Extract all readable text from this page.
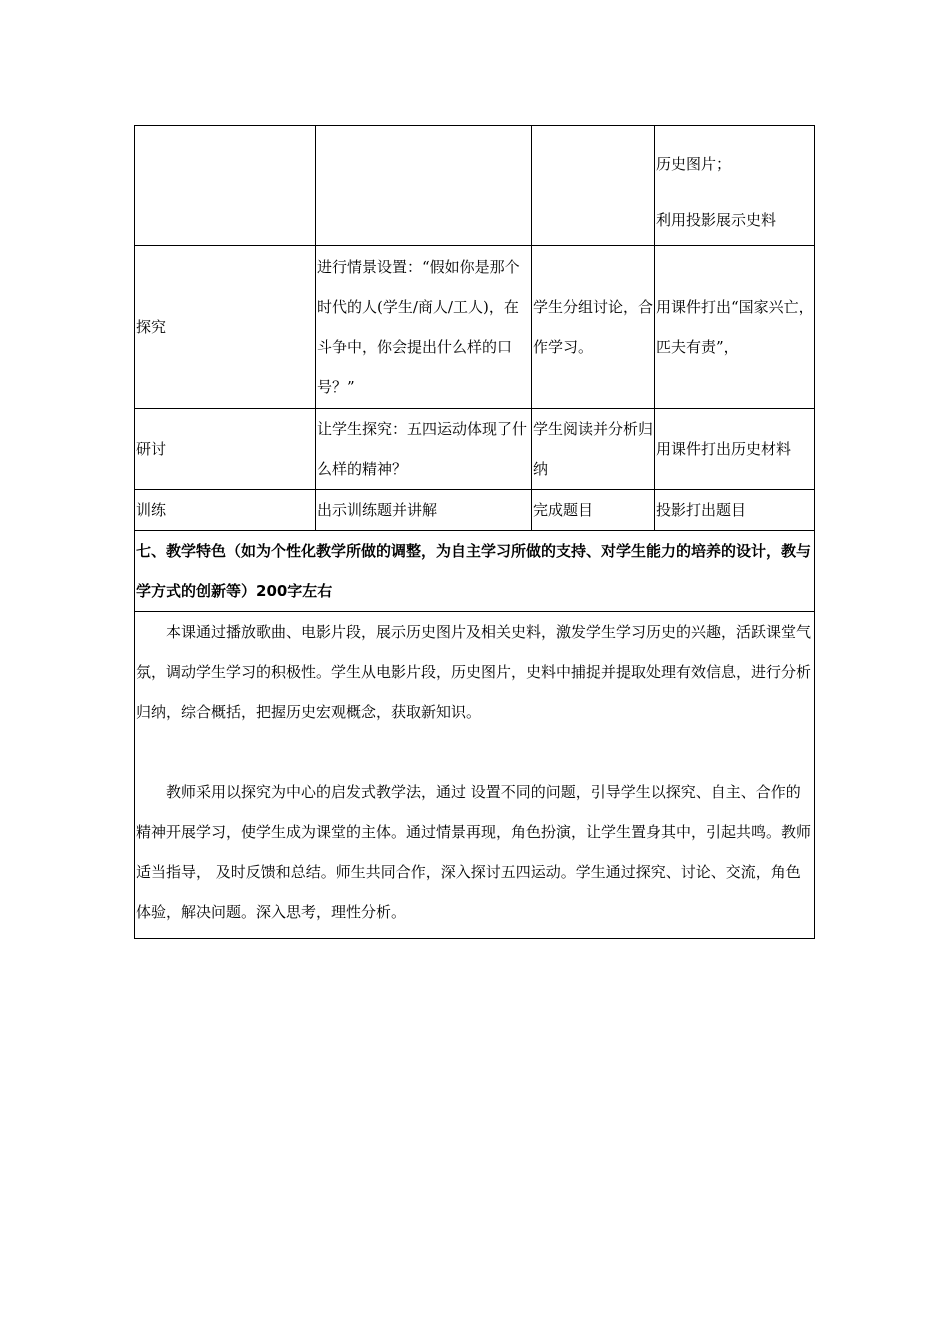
			历史图片；
利用投影展示史料

探究	进行情景设置：“假如你是那个时代的人(学生/商人/工人)，在斗争中，你会提出什么样的口号？”	学生分组讨论，合作学习。	用课件打出“国家兴亡，匹夫有责”，
研讨	让学生探究：五四运动体现了什么样的精神？	学生阅读并分析归纳	用课件打出历史材料
训练	出示训练题并讲解	完成题目	投影打出题目

七、教学特色（如为个性化教学所做的调整，为自主学习所做的支持、对学生能力的培养的设计，教与学方式的创新等）200字左右			

本课通过播放歌曲、电影片段，展示历史图片及相关史料，激发学生学习历史的兴趣，活跃课堂气氛，调动学生学习的积极性。学生从电影片段，历史图片，史料中捕捉并提取处理有效信息，进行分析归纳，综合概括，把握历史宏观概念，获取新知识。

教师采用以探究为中心的启发式教学法，通过 设置不同的问题，引导学生以探究、自主、合作的精神开展学习，使学生成为课堂的主体。通过情景再现，角色扮演，让学生置身其中，引起共鸣。教师适当指导， 及时反馈和总结。师生共同合作，深入探讨五四运动。学生通过探究、讨论、交流，角色体验，解决问题。深入思考，理性分析。			
